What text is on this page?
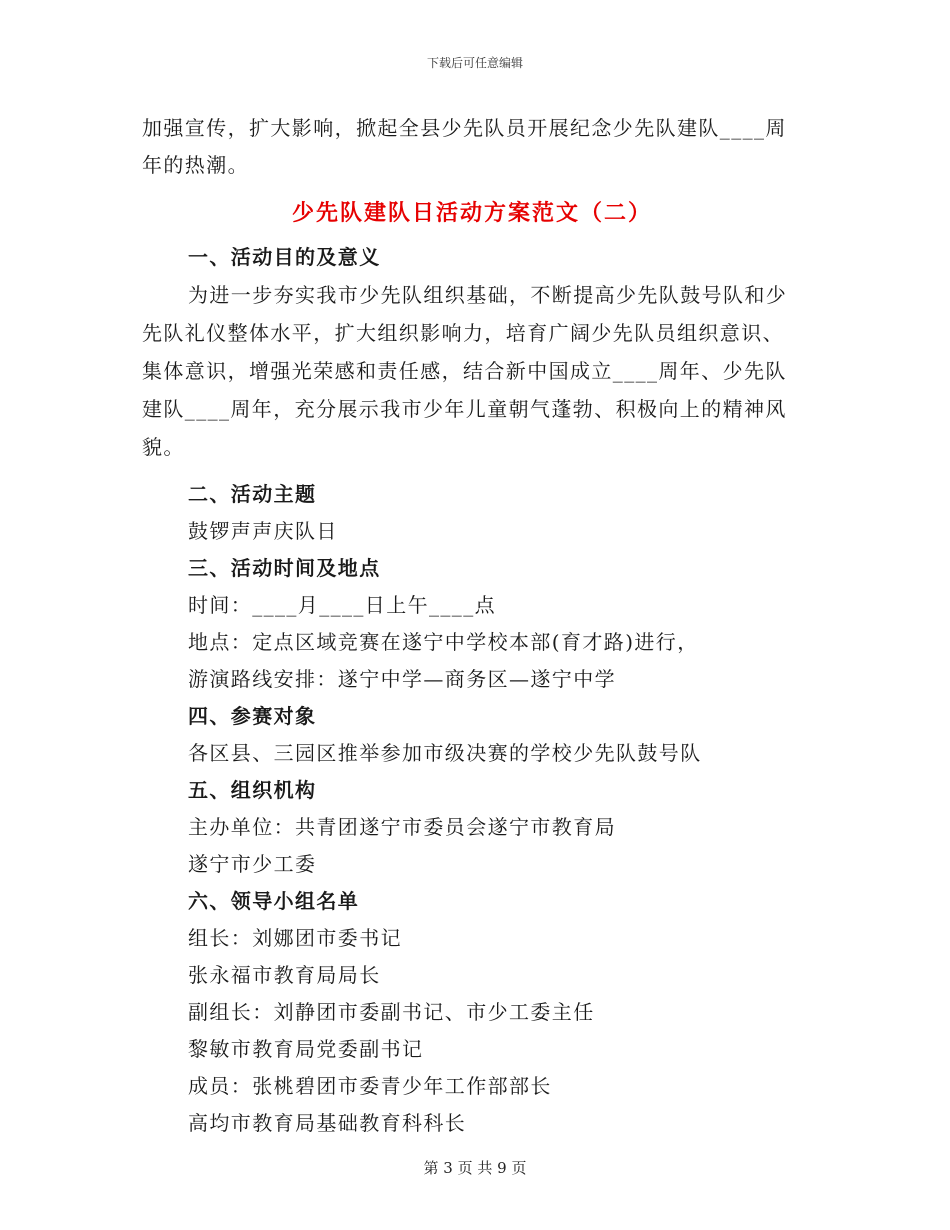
下载后可任意编辑

加强宣传，扩大影响，掀起全县少先队员开展纪念少先队建队____周年的热潮。

少先队建队日活动方案范文（二）

一、活动目的及意义

为进一步夯实我市少先队组织基础，不断提高少先队鼓号队和少先队礼仪整体水平，扩大组织影响力，培育广阔少先队员组织意识、集体意识，增强光荣感和责任感，结合新中国成立____周年、少先队建队____周年，充分展示我市少年儿童朝气蓬勃、积极向上的精神风貌。

二、活动主题

鼓锣声声庆队日

三、活动时间及地点

时间：____月____日上午____点

地点：定点区域竞赛在遂宁中学校本部(育才路)进行，

游演路线安排：遂宁中学—商务区—遂宁中学

四、参赛对象

各区县、三园区推举参加市级决赛的学校少先队鼓号队

五、组织机构

主办单位：共青团遂宁市委员会遂宁市教育局

遂宁市少工委

六、领导小组名单

组长：刘娜团市委书记

张永福市教育局局长

副组长：刘静团市委副书记、市少工委主任

黎敏市教育局党委副书记

成员：张桃碧团市委青少年工作部部长

高均市教育局基础教育科科长

第 3 页 共 9 页
